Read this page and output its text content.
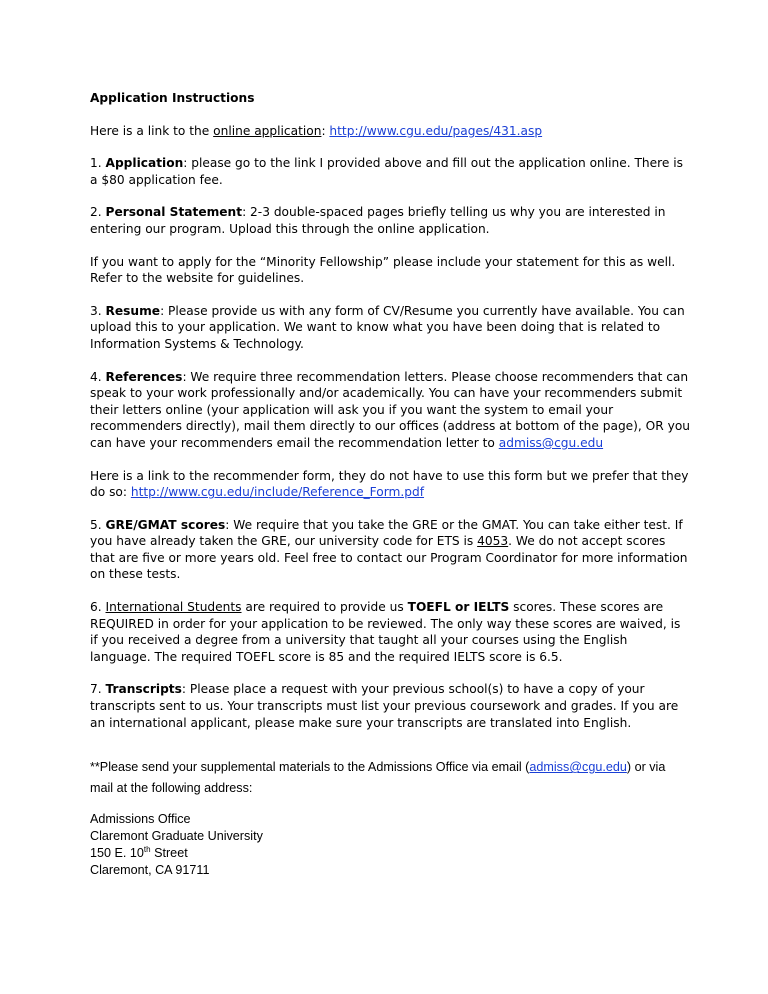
Application Instructions

Here is a link to the online application: http://www.cgu.edu/pages/431.asp

1. Application: please go to the link I provided above and fill out the application online. There is a $80 application fee.

2. Personal Statement: 2-3 double-spaced pages briefly telling us why you are interested in entering our program. Upload this through the online application.

If you want to apply for the “Minority Fellowship” please include your statement for this as well. Refer to the website for guidelines.

3. Resume: Please provide us with any form of CV/Resume you currently have available. You can upload this to your application. We want to know what you have been doing that is related to Information Systems & Technology.

4. References: We require three recommendation letters. Please choose recommenders that can speak to your work professionally and/or academically. You can have your recommenders submit their letters online (your application will ask you if you want the system to email your recommenders directly), mail them directly to our offices (address at bottom of the page), OR you can have your recommenders email the recommendation letter to admiss@cgu.edu

Here is a link to the recommender form, they do not have to use this form but we prefer that they do so: http://www.cgu.edu/include/Reference_Form.pdf

5. GRE/GMAT scores: We require that you take the GRE or the GMAT. You can take either test. If you have already taken the GRE, our university code for ETS is 4053. We do not accept scores that are five or more years old. Feel free to contact our Program Coordinator for more information on these tests.

6. International Students are required to provide us TOEFL or IELTS scores. These scores are REQUIRED in order for your application to be reviewed. The only way these scores are waived, is if you received a degree from a university that taught all your courses using the English language. The required TOEFL score is 85 and the required IELTS score is 6.5.

7. Transcripts: Please place a request with your previous school(s) to have a copy of your transcripts sent to us. Your transcripts must list your previous coursework and grades. If you are an international applicant, please make sure your transcripts are translated into English.

**Please send your supplemental materials to the Admissions Office via email (admiss@cgu.edu) or via mail at the following address:

Admissions Office
Claremont Graduate University
150 E. 10th Street
Claremont, CA 91711
